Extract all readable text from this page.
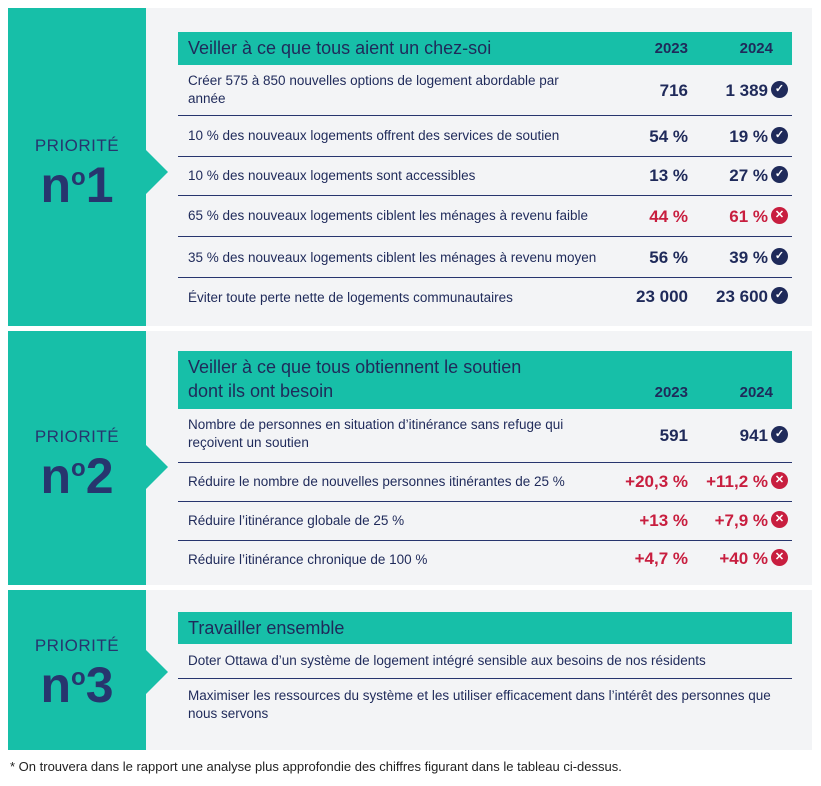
PRIORITÉ
$n^o1$
Veiller à ce que tous aient un chez-soi	2023	2024
Créer 575 à 850 nouvelles options de logement abordable par année	716	1 389 ✓
10 % des nouveaux logements offrent des services de soutien	54 %	19 % ✓
10 % des nouveaux logements sont accessibles	13 %	27 % ✓
65 % des nouveaux logements ciblent les ménages à revenu faible	44 %	61 % ✕
35 % des nouveaux logements ciblent les ménages à revenu moyen	56 %	39 % ✓
Éviter toute perte nette de logements communautaires	23 000	23 600 ✓
PRIORITÉ
$n^o2$
Veiller à ce que tous obtiennent le soutien
dont ils ont besoin	2023	2024
Nombre de personnes en situation d’itinérance sans refuge qui reçoivent un soutien	591	941 ✓
Réduire le nombre de nouvelles personnes itinérantes de 25 %	+20,3 %	+11,2 % ✕
Réduire l’itinérance globale de 25 %	+13 %	+7,9 % ✕
Réduire l’itinérance chronique de 100 %	+4,7 %	+40 % ✕
PRIORITÉ
$n^o3$
Travailler ensemble
Doter Ottawa d’un système de logement intégré sensible aux besoins de nos résidents
Maximiser les ressources du système et les utiliser efficacement dans l’intérêt des personnes que nous servons
* On trouvera dans le rapport une analyse plus approfondie des chiffres figurant dans le tableau ci-dessus.
